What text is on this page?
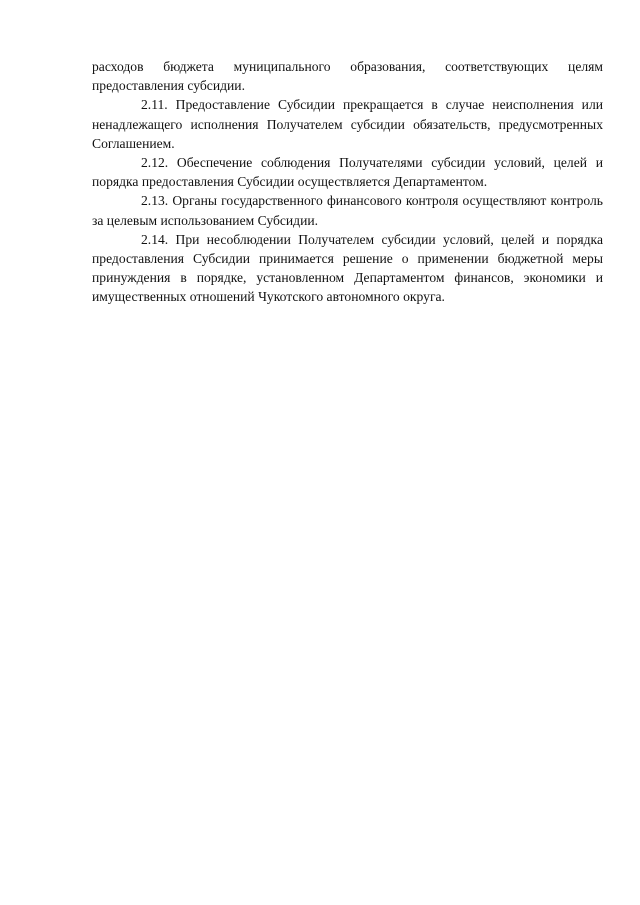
расходов бюджета муниципального образования, соответствующих целям предоставления субсидии.

2.11. Предоставление Субсидии прекращается в случае неисполнения или ненадлежащего исполнения Получателем субсидии обязательств, предусмотренных Соглашением.

2.12. Обеспечение соблюдения Получателями субсидии условий, целей и порядка предоставления Субсидии осуществляется Департаментом.

2.13. Органы государственного финансового контроля осуществляют контроль за целевым использованием Субсидии.

2.14. При несоблюдении Получателем субсидии условий, целей и порядка предоставления Субсидии принимается решение о применении бюджетной меры принуждения в порядке, установленном Департаментом финансов, экономики и имущественных отношений Чукотского автономного округа.
